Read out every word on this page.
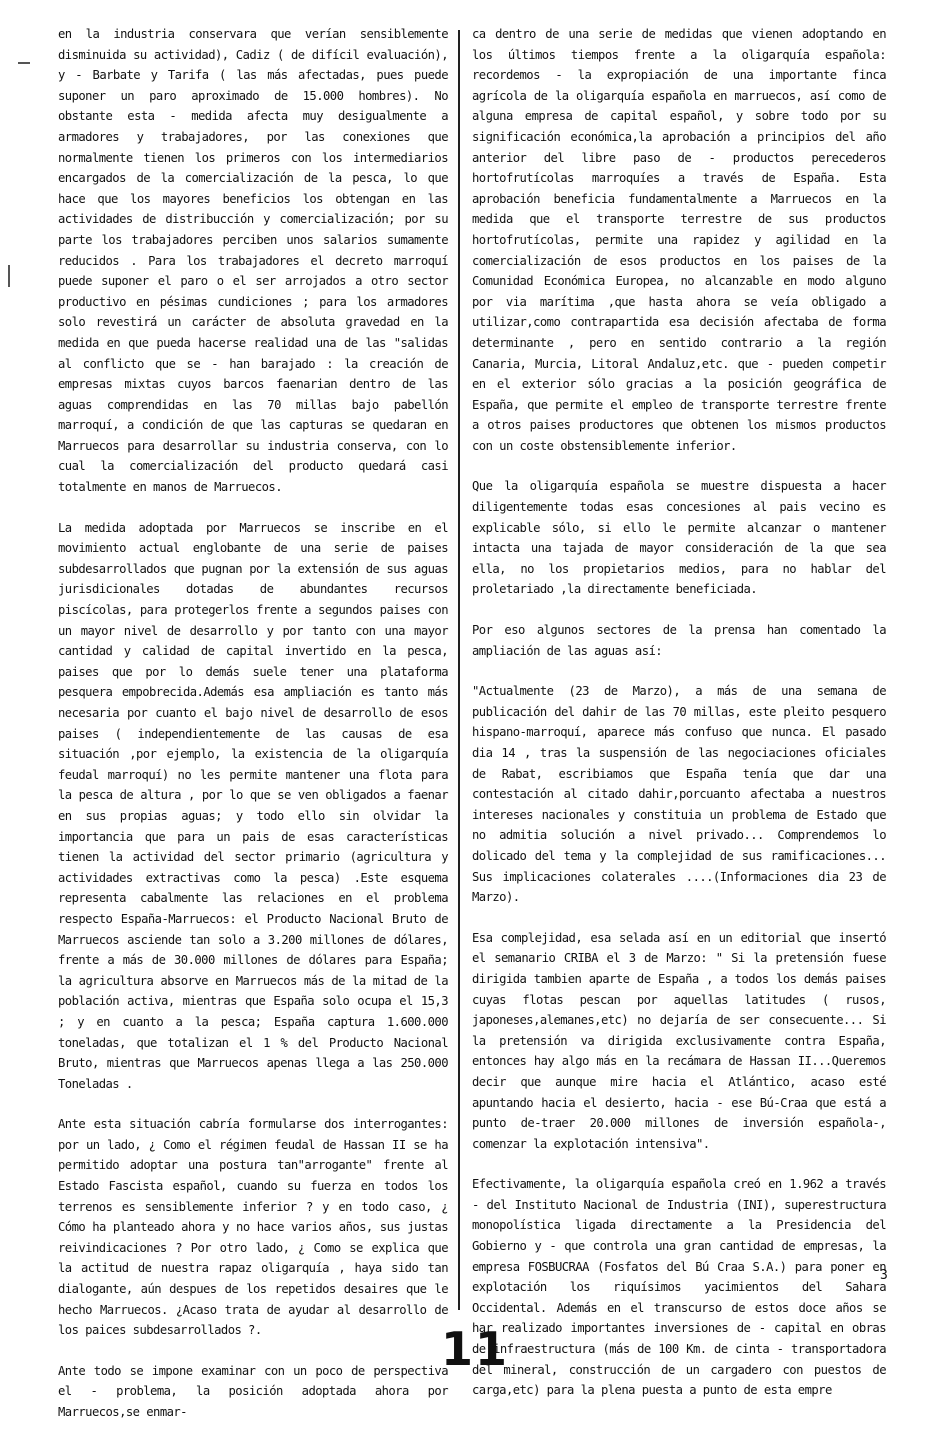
en la industria conservara que verían sensiblemente disminuida su actividad), Cadiz ( de difícil evaluación), y - Barbate y Tarifa ( las más afectadas, pues puede suponer un paro aproximado de 15.000 hombres). No obstante esta - medida afecta muy desigualmente a armadores y trabajadores, por las conexiones que normalmente tienen los primeros con los intermediarios encargados de la comercialización de la pesca, lo que hace que los mayores beneficios los obtengan en las actividades de distribucción y comercialización; por su parte los trabajadores perciben unos salarios sumamente reducidos . Para los trabajadores el decreto marroquí puede suponer el paro o el ser arrojados a otro sector productivo en pésimas cundiciones ; para los armadores solo revestirá un carácter de absoluta gravedad en la medida en que pueda hacerse realidad una de las "salidas al conflicto que se - han barajado : la creación de empresas mixtas cuyos barcos faenarian dentro de las aguas comprendidas en las 70 millas bajo pabellón marroquí, a condición de que las capturas se quedaran en Marruecos para desarrollar su industria conserva, con lo cual la comercialización del producto quedará casi totalmente en manos de Marruecos.

La medida adoptada por Marruecos se inscribe en el movimiento actual englobante de una serie de paises subdesarrollados que pugnan por la extensión de sus aguas jurisdicionales dotadas de abundantes recursos piscícolas, para protegerlos frente a segundos paises con un mayor nivel de desarrollo y por tanto con una mayor cantidad y calidad de capital invertido en la pesca, paises que por lo demás suele tener una plataforma pesquera empobrecida.Además esa ampliación es tanto más necesaria por cuanto el bajo nivel de desarrollo de esos paises ( independientemente de las causas de esa situación ,por ejemplo, la existencia de la oligarquía feudal marroquí) no les permite mantener una flota para la pesca de altura , por lo que se ven obligados a faenar en sus propias aguas; y todo ello sin olvidar la importancia que para un pais de esas características tienen la actividad del sector primario (agricultura y actividades extractivas como la pesca) .Este esquema representa cabalmente las relaciones en el problema respecto España-Marruecos: el Producto Nacional Bruto de Marruecos asciende tan solo a 3.200 millones de dólares, frente a más de 30.000 millones de dólares para España; la agricultura absorve en Marruecos más de la mitad de la población activa, mientras que España solo ocupa el 15,3 ; y en cuanto a la pesca; España captura 1.600.000 toneladas, que totalizan el 1 % del Producto Nacional Bruto, mientras que Marruecos apenas llega a las 250.000 Toneladas .

Ante esta situación cabría formularse dos interrogantes: por un lado, ¿ Como el régimen feudal de Hassan II se ha permitido adoptar una postura tan"arrogante" frente al Estado Fascista español, cuando su fuerza en todos los terrenos es sensiblemente inferior ? y en todo caso, ¿ Cómo ha planteado ahora y no hace varios años, sus justas reivindicaciones ? Por otro lado, ¿ Como se explica que la actitud de nuestra rapaz oligarquía , haya sido tan dialogante, aún despues de los repetidos desaires que le hecho Marruecos. ¿Acaso trata de ayudar al desarrollo de los paices subdesarrollados ?.

Ante todo se impone examinar con un poco de perspectiva el - problema, la posición adoptada ahora por Marruecos,se enmar-

ca dentro de una serie de medidas que vienen adoptando en los últimos tiempos frente a la oligarquía española: recordemos - la expropiación de una importante finca agrícola de la oligarquía española en marruecos, así como de alguna empresa de capital español, y sobre todo por su significación económica,la aprobación a principios del año anterior del libre paso de - productos perecederos hortofrutícolas marroquíes a través de España. Esta aprobación beneficia fundamentalmente a Marruecos en la medida que el transporte terrestre de sus productos hortofrutícolas, permite una rapidez y agilidad en la comercialización de esos productos en los paises de la Comunidad Económica Europea, no alcanzable en modo alguno por via marítima ,que hasta ahora se veía obligado a utilizar,como contrapartida esa decisión afectaba de forma determinante , pero en sentido contrario a la región Canaria, Murcia, Litoral Andaluz,etc. que - pueden competir en el exterior sólo gracias a la posición geográfica de España, que permite el empleo de transporte terrestre frente a otros paises productores que obtenen los mismos productos con un coste obstensiblemente inferior.

Que la oligarquía española se muestre dispuesta a hacer diligentemente todas esas concesiones al pais vecino es explicable sólo, si ello le permite alcanzar o mantener intacta una tajada de mayor consideración de la que sea ella, no los propietarios medios, para no hablar del proletariado ,la directamente beneficiada.

Por eso algunos sectores de la prensa han comentado la ampliación de las aguas así:

"Actualmente (23 de Marzo), a más de una semana de publicación del dahir de las 70 millas, este pleito pesquero hispano-marroquí, aparece más confuso que nunca. El pasado dia 14 , tras la suspensión de las negociaciones oficiales de Rabat, escribiamos que España tenía que dar una contestación al citado dahir,porcuanto afectaba a nuestros intereses nacionales y constituia un problema de Estado que no admitia solución a nivel privado... Comprendemos lo dolicado del tema y la complejidad de sus ramificaciones... Sus implicaciones colaterales ....(Informaciones dia 23 de Marzo).

Esa complejidad, esa selada así en un editorial que insertó el semanario CRIBA el 3 de Marzo: " Si la pretensión fuese dirigida tambien aparte de España , a todos los demás paises cuyas flotas pescan por aquellas latitudes ( rusos, japoneses,alemanes,etc) no dejaría de ser consecuente... Si la pretensión va dirigida exclusivamente contra España, entonces hay algo más en la recámara de Hassan II...Queremos decir que aunque mire hacia el Atlántico, acaso esté apuntando hacia el desierto, hacia - ese Bú-Craa que está a punto de-traer 20.000 millones de inversión española-, comenzar la explotación intensiva".

Efectivamente, la oligarquía española creó en 1.962 a través - del Instituto Nacional de Industria (INI), superestructura monopolística ligada directamente a la Presidencia del Gobierno y - que controla una gran cantidad de empresas, la empresa FOSBUCRAA (Fosfatos del Bú Craa S.A.) para poner en explotación los riquísimos yacimientos del Sahara Occidental. Además en el transcurso de estos doce años se har realizado importantes inversiones de - capital en obras de infraestructura (más de 100 Km. de cinta - transportadora del mineral, construcción de un cargadero con puestos de carga,etc) para la plena puesta a punto de esta empre

3
11
